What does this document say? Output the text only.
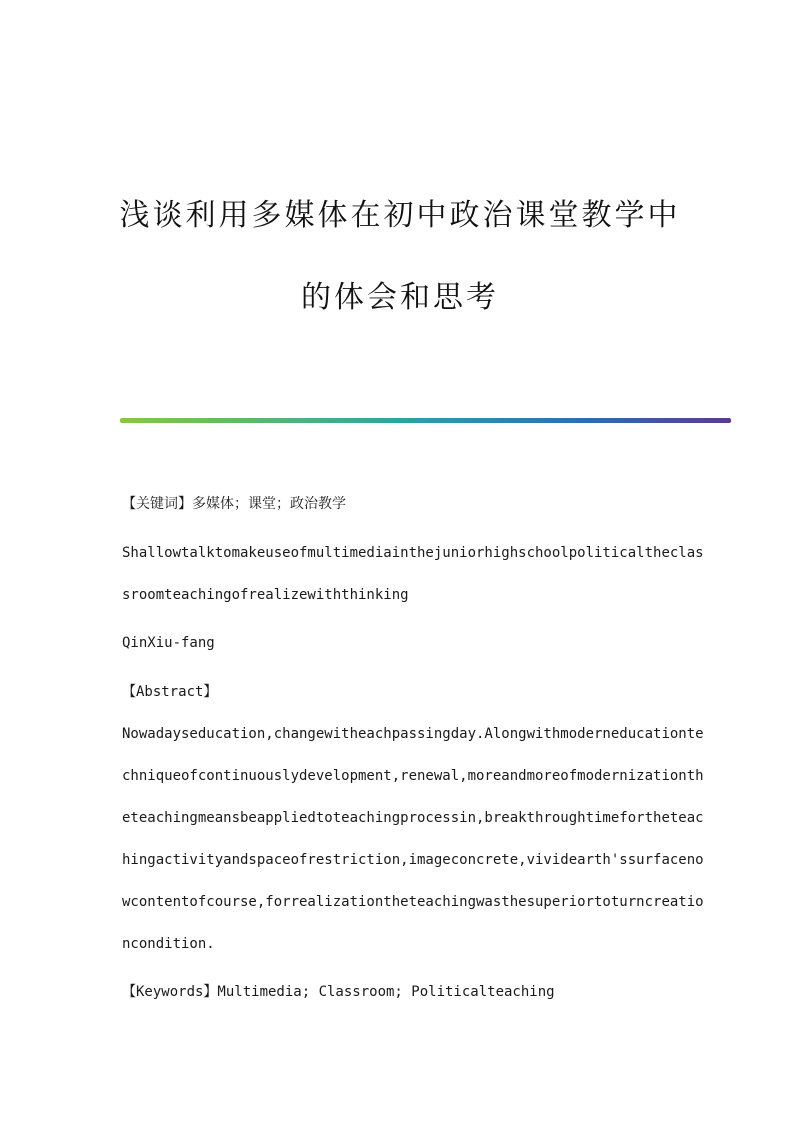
浅谈利用多媒体在初中政治课堂教学中
的体会和思考
【关键词】多媒体；课堂；政治教学
Shallowtalktomakeuseofmultimediainthejuniorhighschoolpoliticaltheclas
sroomteachingofrealizewiththinking
QinXiu-fang
【Abstract】
Nowadayseducation,changewitheachpassingday.Alongwithmoderneducationte
chniqueofcontinuouslydevelopment,renewal,moreandmoreofmodernizationth
eteachingmeansbeappliedtoteachingprocessin,breakthroughtimefortheteac
hingactivityandspaceofrestriction,imageconcrete,vividearth'ssurfaceno
wcontentofcourse,forrealizationtheteachingwasthesuperiortoturncreatio
ncondition.
【Keywords】Multimedia; Classroom; Politicalteaching
